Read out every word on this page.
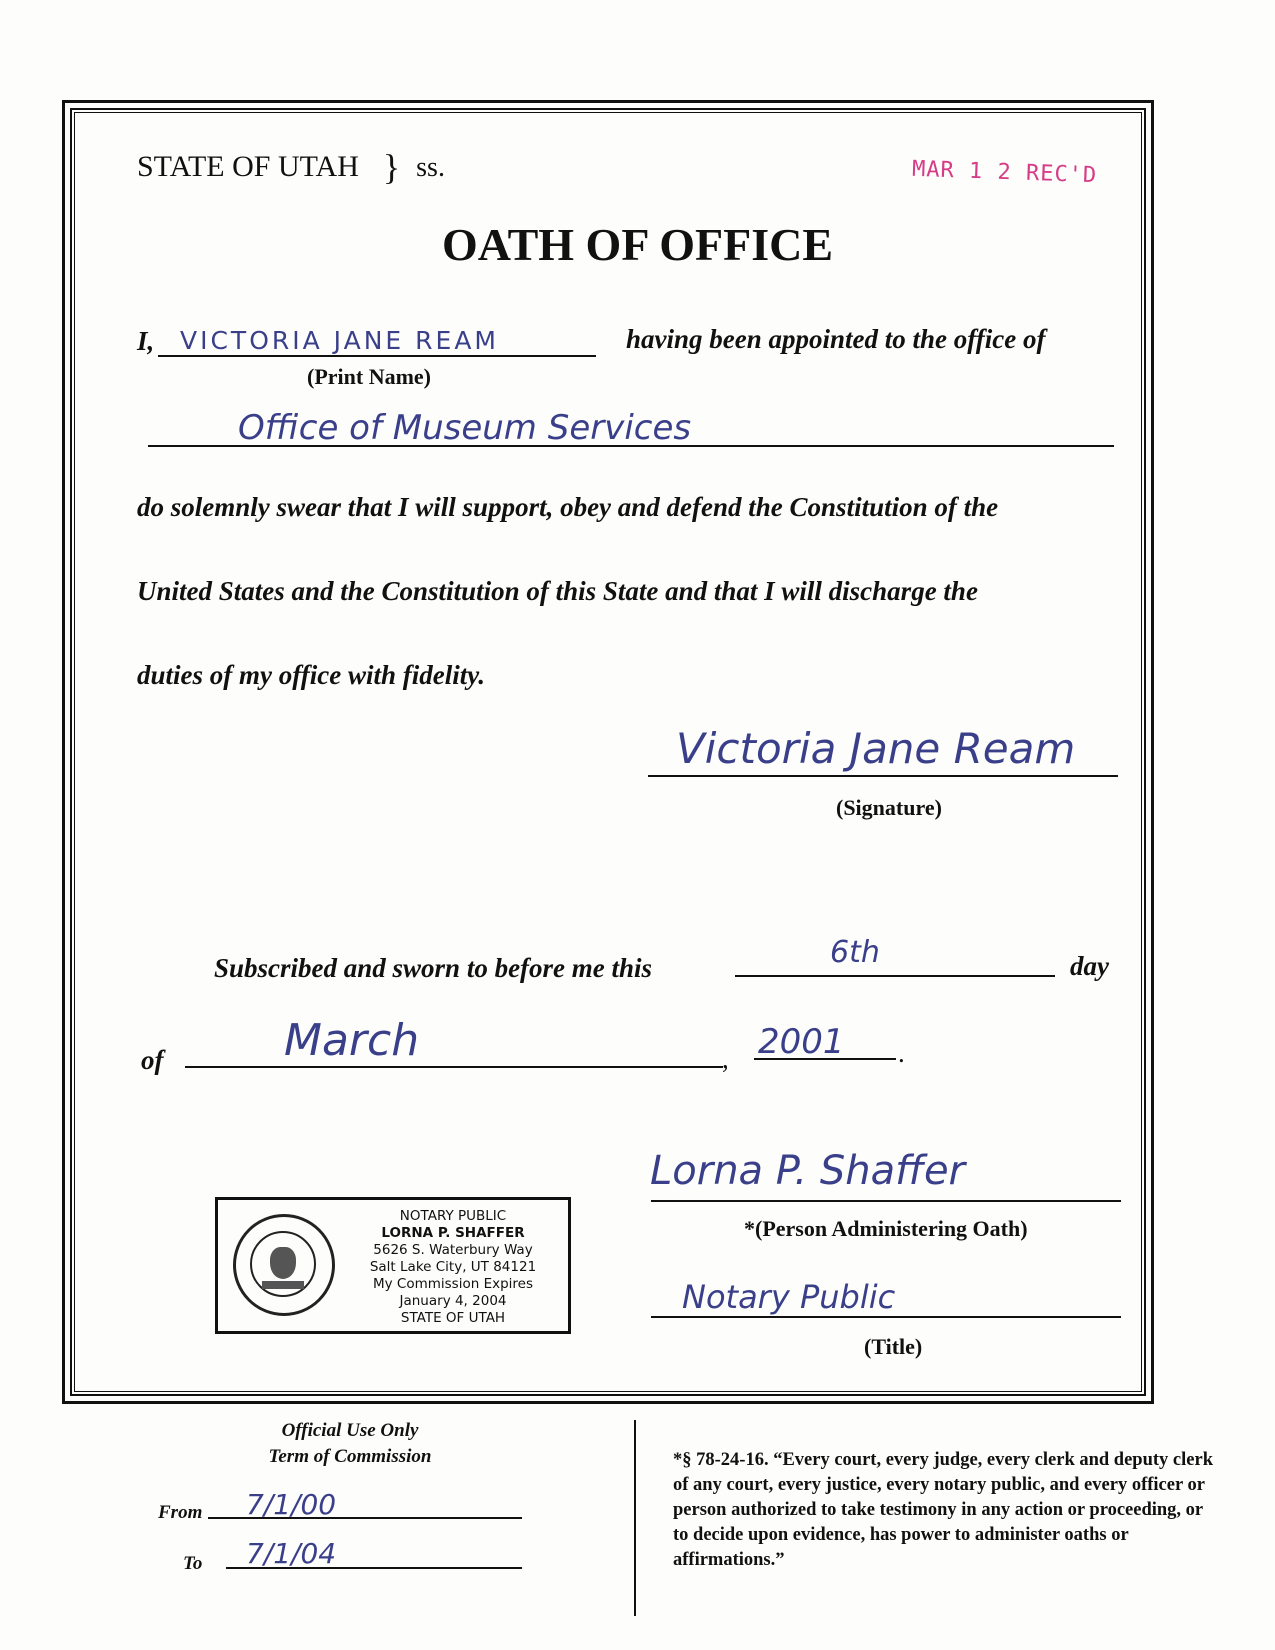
STATE OF UTAH } ss.	MAR 1 2 REC'D
OATH OF OFFICE
I, VICTORIA JANE REAM	having been appointed to the office of
(Print Name)
Office of Museum Services
do solemnly swear that I will support, obey and defend the Constitution of the
United States and the Constitution of this State and that I will discharge the
duties of my office with fidelity.
Victoria Jane Ream
(Signature)
Subscribed and sworn to before me this	6th	day
of	March	, 2001 .
Lorna P. Shaffer
*(Person Administering Oath)
Notary Public
(Title)
NOTARY PUBLIC
LORNA P. SHAFFER
5626 S. Waterbury Way
Salt Lake City, UT 84121
My Commission Expires
January 4, 2004
STATE OF UTAH
Official Use Only
Term of Commission
From 7/1/00
To 7/1/04
*§ 78-24-16. “Every court, every judge, every clerk and deputy clerk of any court, every justice, every notary public, and every officer or person authorized to take testimony in any action or proceeding, or to decide upon evidence, has power to administer oaths or affirmations.”
